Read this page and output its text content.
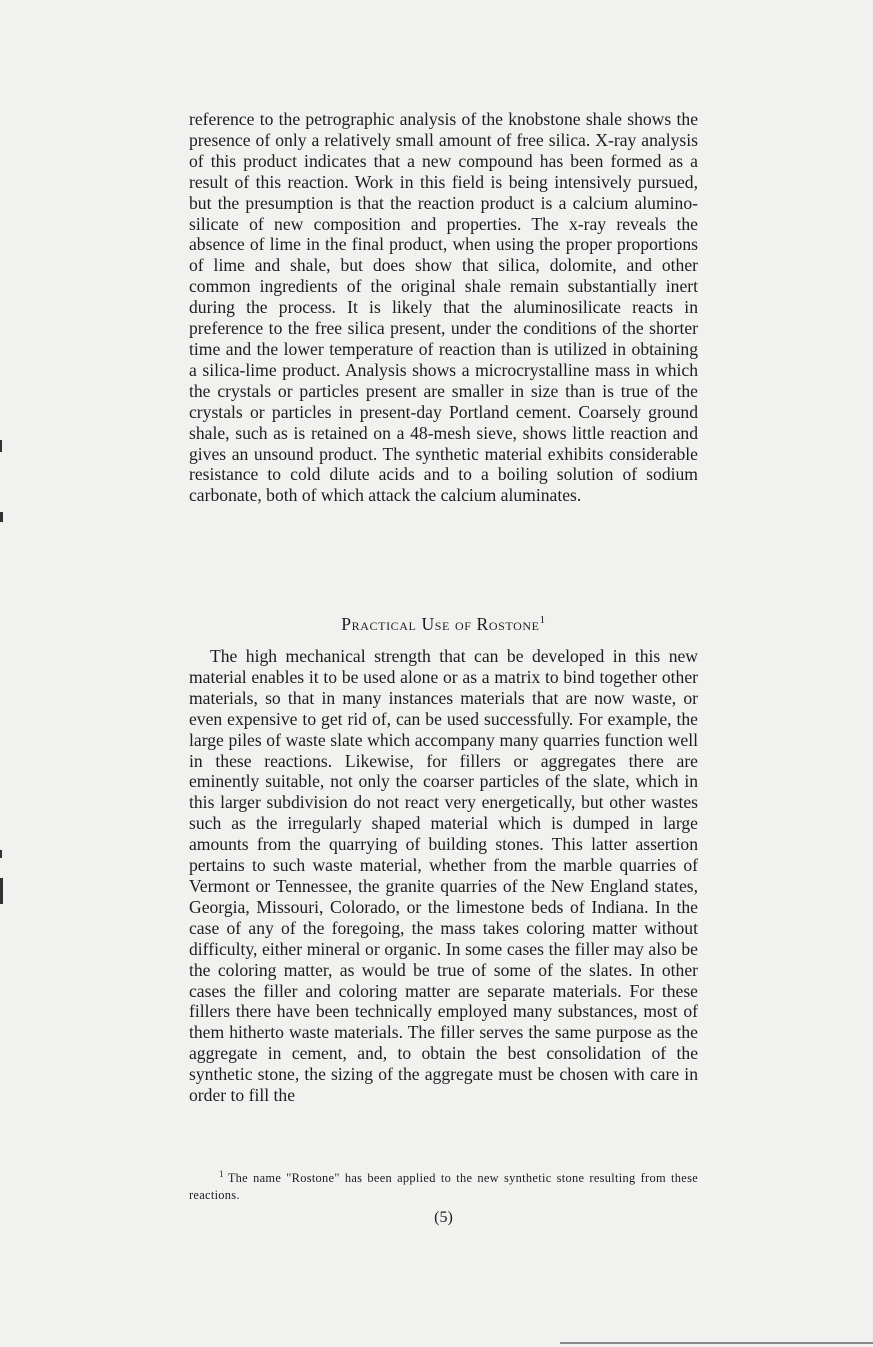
reference to the petrographic analysis of the knobstone shale shows the presence of only a relatively small amount of free silica. X-ray analysis of this product indicates that a new compound has been formed as a result of this reaction. Work in this field is being intensively pursued, but the presumption is that the reaction product is a calcium alumino-silicate of new composition and properties. The x-ray reveals the absence of lime in the final product, when using the proper proportions of lime and shale, but does show that silica, dolomite, and other common ingredients of the original shale remain substantially inert during the process. It is likely that the aluminosilicate reacts in preference to the free silica present, under the conditions of the shorter time and the lower temperature of reaction than is utilized in obtaining a silica-lime product. Analysis shows a microcrystalline mass in which the crystals or particles present are smaller in size than is true of the crystals or particles in present-day Portland cement. Coarsely ground shale, such as is retained on a 48-mesh sieve, shows little reaction and gives an unsound product. The synthetic material exhibits considerable resistance to cold dilute acids and to a boiling solution of sodium carbonate, both of which attack the calcium aluminates.

Practical Use of Rostone$^1$

The high mechanical strength that can be developed in this new material enables it to be used alone or as a matrix to bind together other materials, so that in many instances materials that are now waste, or even expensive to get rid of, can be used successfully. For example, the large piles of waste slate which accompany many quarries function well in these reactions. Likewise, for fillers or aggregates there are eminently suitable, not only the coarser particles of the slate, which in this larger subdivision do not react very energetically, but other wastes such as the irregularly shaped material which is dumped in large amounts from the quarrying of building stones. This latter assertion pertains to such waste material, whether from the marble quarries of Vermont or Tennessee, the granite quarries of the New England states, Georgia, Missouri, Colorado, or the limestone beds of Indiana. In the case of any of the foregoing, the mass takes coloring matter without difficulty, either mineral or organic. In some cases the filler may also be the coloring matter, as would be true of some of the slates. In other cases the filler and coloring matter are separate materials. For these fillers there have been technically employed many substances, most of them hitherto waste materials. The filler serves the same purpose as the aggregate in cement, and, to obtain the best consolidation of the synthetic stone, the sizing of the aggregate must be chosen with care in order to fill the

$^1$ The name "Rostone" has been applied to the new synthetic stone resulting from these reactions.

(5)
